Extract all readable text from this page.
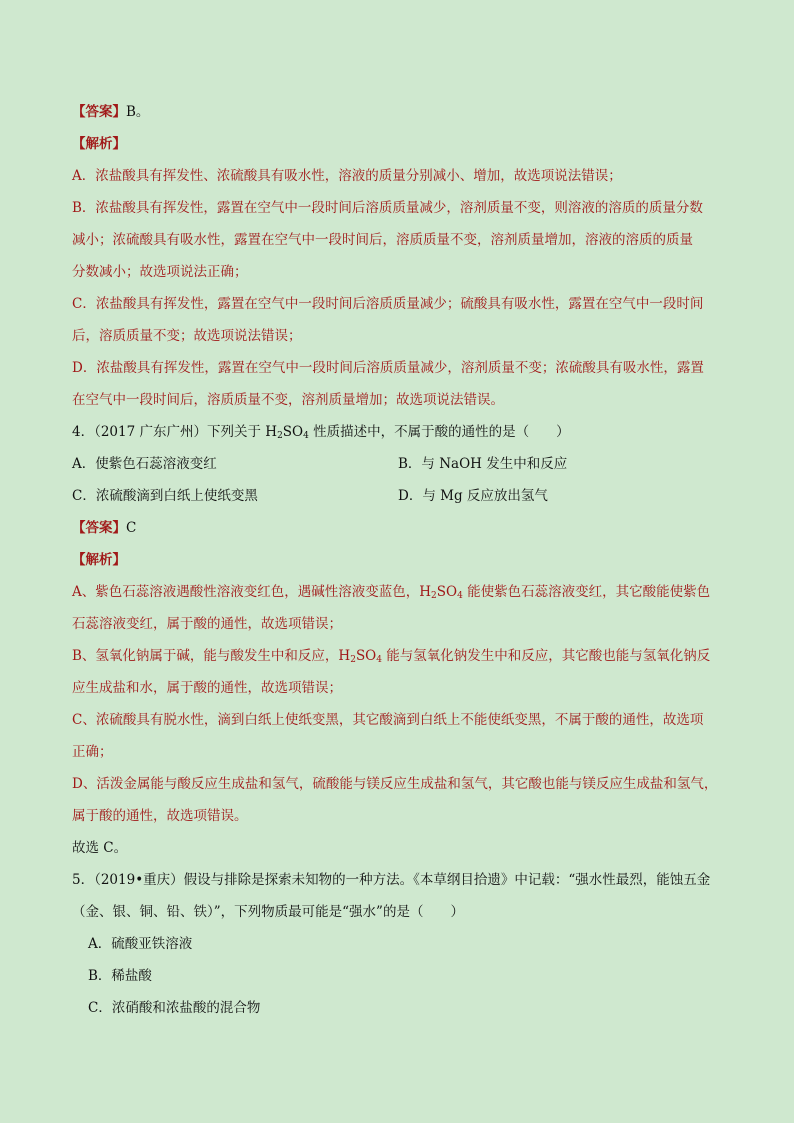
【答案】B。
【解析】
A．浓盐酸具有挥发性、浓硫酸具有吸水性，溶液的质量分别减小、增加，故选项说法错误；
B．浓盐酸具有挥发性，露置在空气中一段时间后溶质质量减少，溶剂质量不变，则溶液的溶质的质量分数
减小；浓硫酸具有吸水性，露置在空气中一段时间后，溶质质量不变，溶剂质量增加，溶液的溶质的质量
分数减小；故选项说法正确；
C．浓盐酸具有挥发性，露置在空气中一段时间后溶质质量减少；硫酸具有吸水性，露置在空气中一段时间
后，溶质质量不变；故选项说法错误；
D．浓盐酸具有挥发性，露置在空气中一段时间后溶质质量减少，溶剂质量不变；浓硫酸具有吸水性，露置
在空气中一段时间后，溶质质量不变，溶剂质量增加；故选项说法错误。
4．（2017 广东广州）下列关于 $H_2SO_4$ 性质描述中，不属于酸的通性的是（　　）
A．使紫色石蕊溶液变红	B．与 NaOH 发生中和反应
C．浓硫酸滴到白纸上使纸变黑	D．与 Mg 反应放出氢气
【答案】C
【解析】
A、紫色石蕊溶液遇酸性溶液变红色，遇碱性溶液变蓝色，$H_2SO_4$ 能使紫色石蕊溶液变红，其它酸能使紫色
石蕊溶液变红，属于酸的通性，故选项错误；
B、氢氧化钠属于碱，能与酸发生中和反应，$H_2SO_4$ 能与氢氧化钠发生中和反应，其它酸也能与氢氧化钠反
应生成盐和水，属于酸的通性，故选项错误；
C、浓硫酸具有脱水性，滴到白纸上使纸变黑，其它酸滴到白纸上不能使纸变黑，不属于酸的通性，故选项
正确；
D、活泼金属能与酸反应生成盐和氢气，硫酸能与镁反应生成盐和氢气，其它酸也能与镁反应生成盐和氢气，
属于酸的通性，故选项错误。
故选 C。
5．（2019•重庆）假设与排除是探索未知物的一种方法。《本草纲目拾遗》中记载：“强水性最烈，能蚀五金
（金、银、铜、铅、铁）”，下列物质最可能是“强水”的是（　　）
A．硫酸亚铁溶液
B．稀盐酸
C．浓硝酸和浓盐酸的混合物
